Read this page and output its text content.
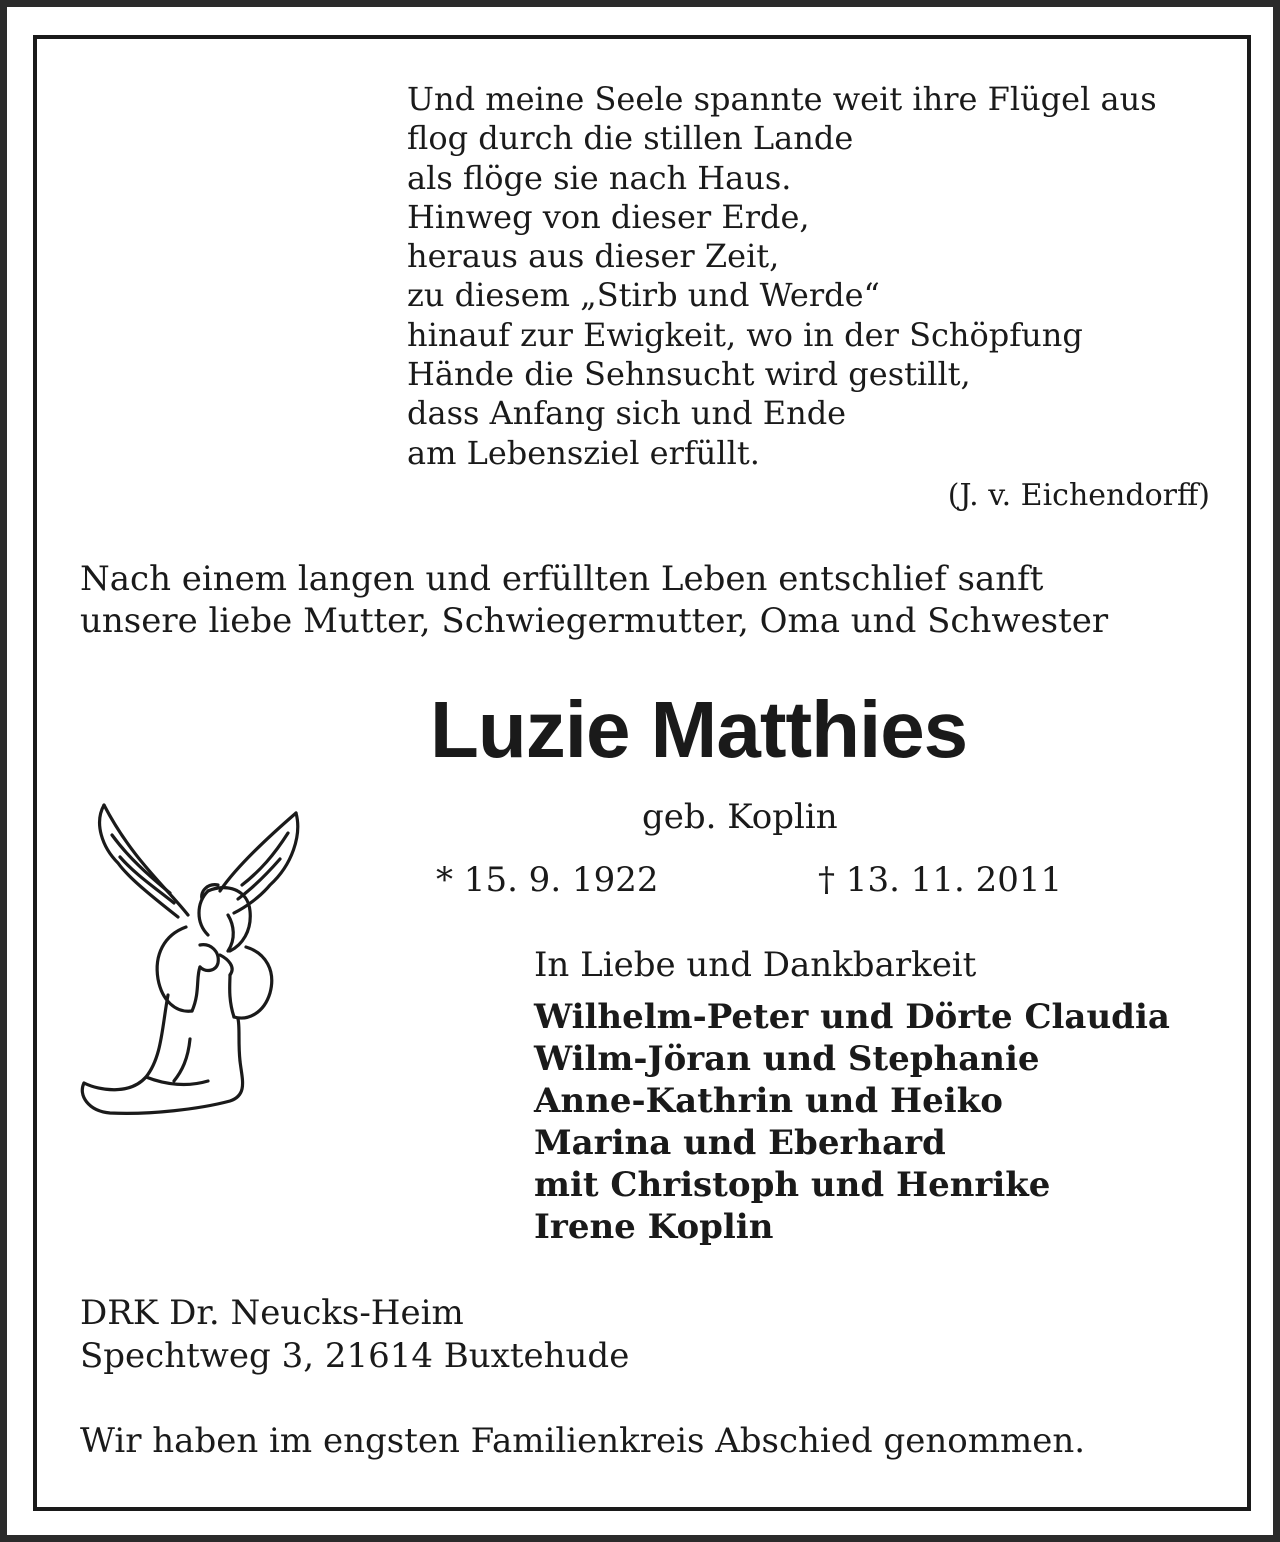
Und meine Seele spannte weit ihre Flügel aus
flog durch die stillen Lande
als flöge sie nach Haus.
Hinweg von dieser Erde,
heraus aus dieser Zeit,
zu diesem „Stirb und Werde“
hinauf zur Ewigkeit, wo in der Schöpfung
Hände die Sehnsucht wird gestillt,
dass Anfang sich und Ende
am Lebensziel erfüllt.
(J. v. Eichendorff)
Nach einem langen und erfüllten Leben entschlief sanft
unsere liebe Mutter, Schwiegermutter, Oma und Schwester
Luzie Matthies
geb. Koplin
* 15. 9. 1922	† 13. 11. 2011
In Liebe und Dankbarkeit
Wilhelm-Peter und Dörte Claudia
Wilm-Jöran und Stephanie
Anne-Kathrin und Heiko
Marina und Eberhard
mit Christoph und Henrike
Irene Koplin
DRK Dr. Neucks-Heim
Spechtweg 3, 21614 Buxtehude
Wir haben im engsten Familienkreis Abschied genommen.
